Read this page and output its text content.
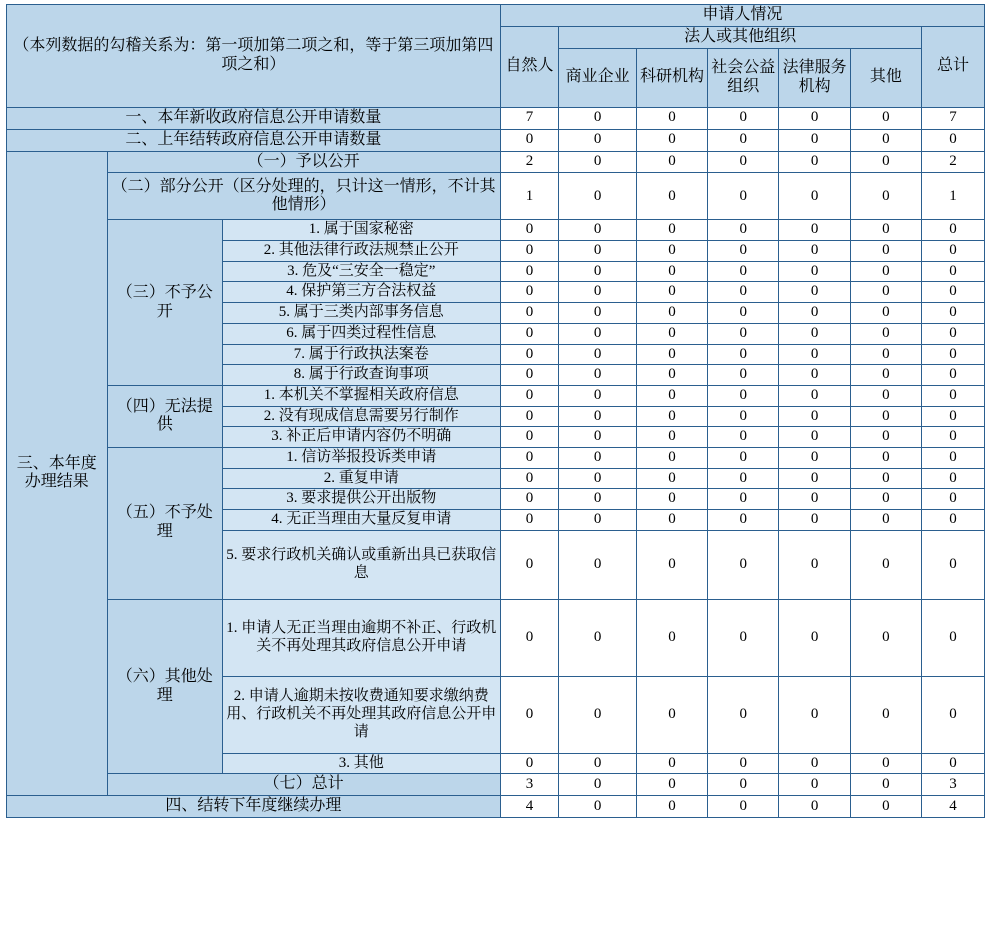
（本列数据的勾稽关系为：第一项加第二项之和，等于第三项加第四项之和）			申请人情况						
			自然人	法人或其他组织					总计
				商业企业	科研机构	社会公益组织	法律服务机构	其他	
一、本年新收政府信息公开申请数量			7	0	0	0	0	0	7
二、上年结转政府信息公开申请数量			0	0	0	0	0	0	0
三、本年度办理结果	（一）予以公开		2	0	0	0	0	0	2
	（二）部分公开（区分处理的，只计这一情形，不计其他情形）		1	0	0	0	0	0	1
	（三）不予公开	1. 属于国家秘密	0	0	0	0	0	0	0
		2. 其他法律行政法规禁止公开	0	0	0	0	0	0	0
		3. 危及“三安全一稳定”	0	0	0	0	0	0	0
		4. 保护第三方合法权益	0	0	0	0	0	0	0
		5. 属于三类内部事务信息	0	0	0	0	0	0	0
		6. 属于四类过程性信息	0	0	0	0	0	0	0
		7. 属于行政执法案卷	0	0	0	0	0	0	0
		8. 属于行政查询事项	0	0	0	0	0	0	0
	（四）无法提供	1. 本机关不掌握相关政府信息	0	0	0	0	0	0	0
		2. 没有现成信息需要另行制作	0	0	0	0	0	0	0
		3. 补正后申请内容仍不明确	0	0	0	0	0	0	0
	（五）不予处理	1. 信访举报投诉类申请	0	0	0	0	0	0	0
		2. 重复申请	0	0	0	0	0	0	0
		3. 要求提供公开出版物	0	0	0	0	0	0	0
		4. 无正当理由大量反复申请	0	0	0	0	0	0	0
		5. 要求行政机关确认或重新出具已获取信息	0	0	0	0	0	0	0
	（六）其他处理	1. 申请人无正当理由逾期不补正、行政机关不再处理其政府信息公开申请	0	0	0	0	0	0	0
		2. 申请人逾期未按收费通知要求缴纳费用、行政机关不再处理其政府信息公开申请	0	0	0	0	0	0	0
		3. 其他	0	0	0	0	0	0	0
	（七）总计		3	0	0	0	0	0	3
四、结转下年度继续办理			4	0	0	0	0	0	4
